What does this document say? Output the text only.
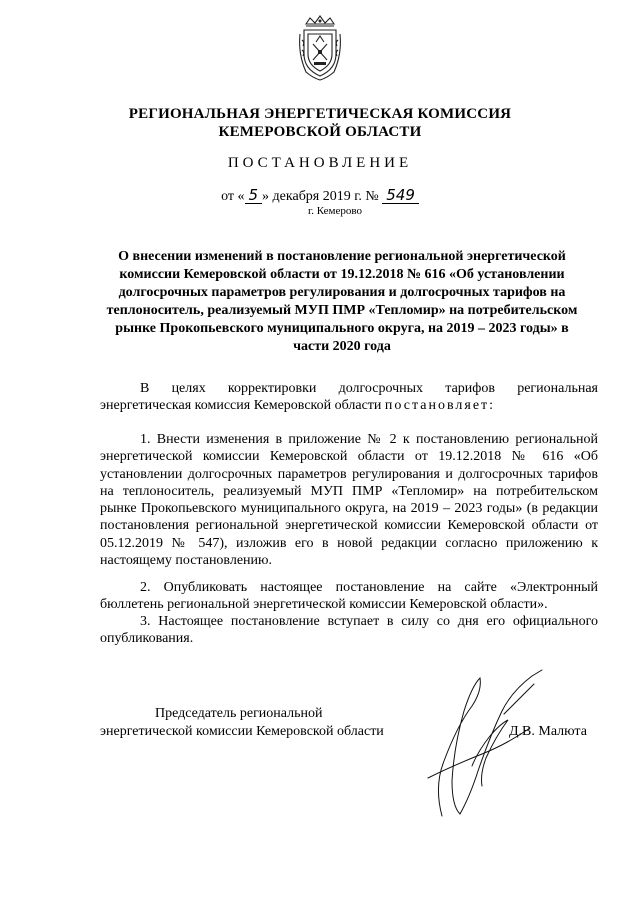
РЕГИОНАЛЬНАЯ ЭНЕРГЕТИЧЕСКАЯ КОМИССИЯ
КЕМЕРОВСКОЙ ОБЛАСТИ
ПОСТАНОВЛЕНИЕ
от « 5 » декабря 2019 г. № 549
г. Кемерово
О внесении изменений в постановление региональной энергетической комиссии Кемеровской области от 19.12.2018 № 616 «Об установлении долгосрочных параметров регулирования и долгосрочных тарифов на теплоноситель, реализуемый МУП ПМР «Тепломир» на потребительском рынке Прокопьевского муниципального округа, на 2019 – 2023 годы» в части 2020 года
В целях корректировки долгосрочных тарифов региональная энергетическая комиссия Кемеровской области постановляет:
1. Внести изменения в приложение № 2 к постановлению региональной энергетической комиссии Кемеровской области от 19.12.2018 № 616 «Об установлении долгосрочных параметров регулирования и долгосрочных тарифов на теплоноситель, реализуемый МУП ПМР «Тепломир» на потребительском рынке Прокопьевского муниципального округа, на 2019 – 2023 годы» (в редакции постановления региональной энергетической комиссии Кемеровской области от 05.12.2019 № 547), изложив его в новой редакции согласно приложению к настоящему постановлению.
2. Опубликовать настоящее постановление на сайте «Электронный бюллетень региональной энергетической комиссии Кемеровской области».
3. Настоящее постановление вступает в силу со дня его официального опубликования.
Председатель региональной
энергетической комиссии Кемеровской области	Д.В. Малюта
